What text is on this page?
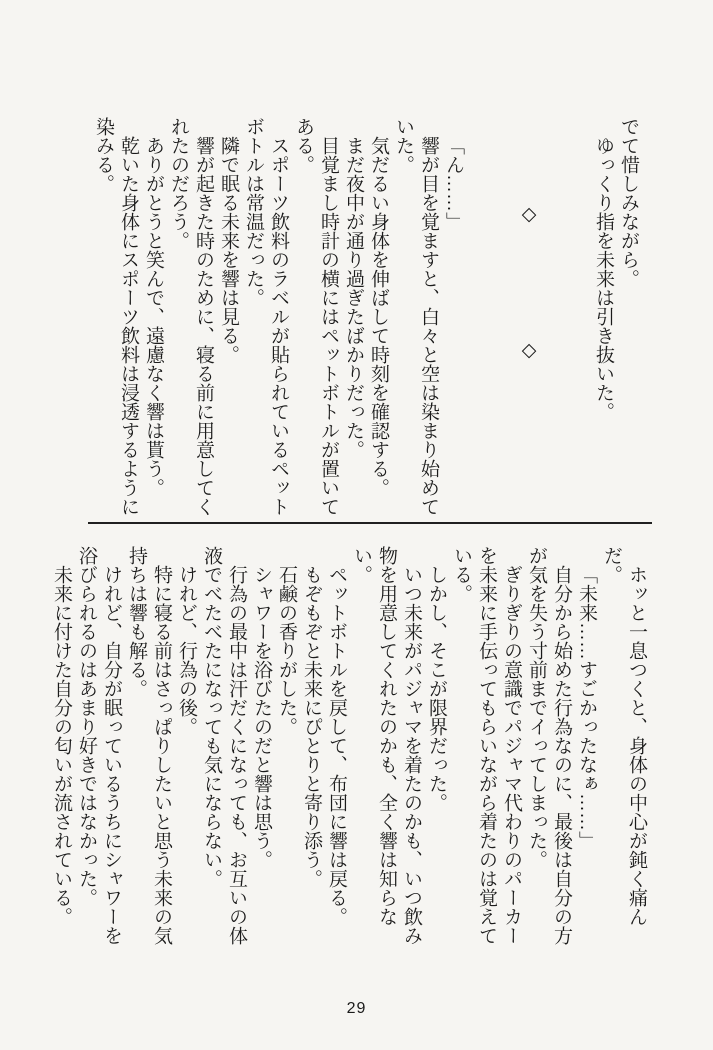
でて惜しみながら。

ゆっくり指を未来は引き抜いた。

◇　　　　　　◇

「ん……」

響が目を覚ますと、白々と空は染まり始めていた。

気だるい身体を伸ばして時刻を確認する。

まだ夜中が通り過ぎたばかりだった。

目覚まし時計の横にはペットボトルが置いてある。

スポーツ飲料のラベルが貼られているペットボトルは常温だった。

隣で眠る未来を響は見る。

響が起きた時のために、寝る前に用意してくれたのだろう。

ありがとうと笑んで、遠慮なく響は貰う。

乾いた身体にスポーツ飲料は浸透するように染みる。

ホッと一息つくと、身体の中心が鈍く痛んだ。

「未来……すごかったなぁ……」

自分から始めた行為なのに、最後は自分の方が気を失う寸前までイってしまった。

ぎりぎりの意識でパジャマ代わりのパーカーを未来に手伝ってもらいながら着たのは覚えている。

しかし、そこが限界だった。

いつ未来がパジャマを着たのかも、いつ飲み物を用意してくれたのかも、全く響は知らない。

ペットボトルを戻して、布団に響は戻る。

もぞもぞと未来にぴとりと寄り添う。

石鹸の香りがした。

シャワーを浴びたのだと響は思う。

行為の最中は汗だくになっても、お互いの体液でべたべたになっても気にならない。

けれど、行為の後。

特に寝る前はさっぱりしたいと思う未来の気持ちは響も解る。

けれど、自分が眠っているうちにシャワーを浴びられるのはあまり好きではなかった。

未来に付けた自分の匂いが流されている。

29
